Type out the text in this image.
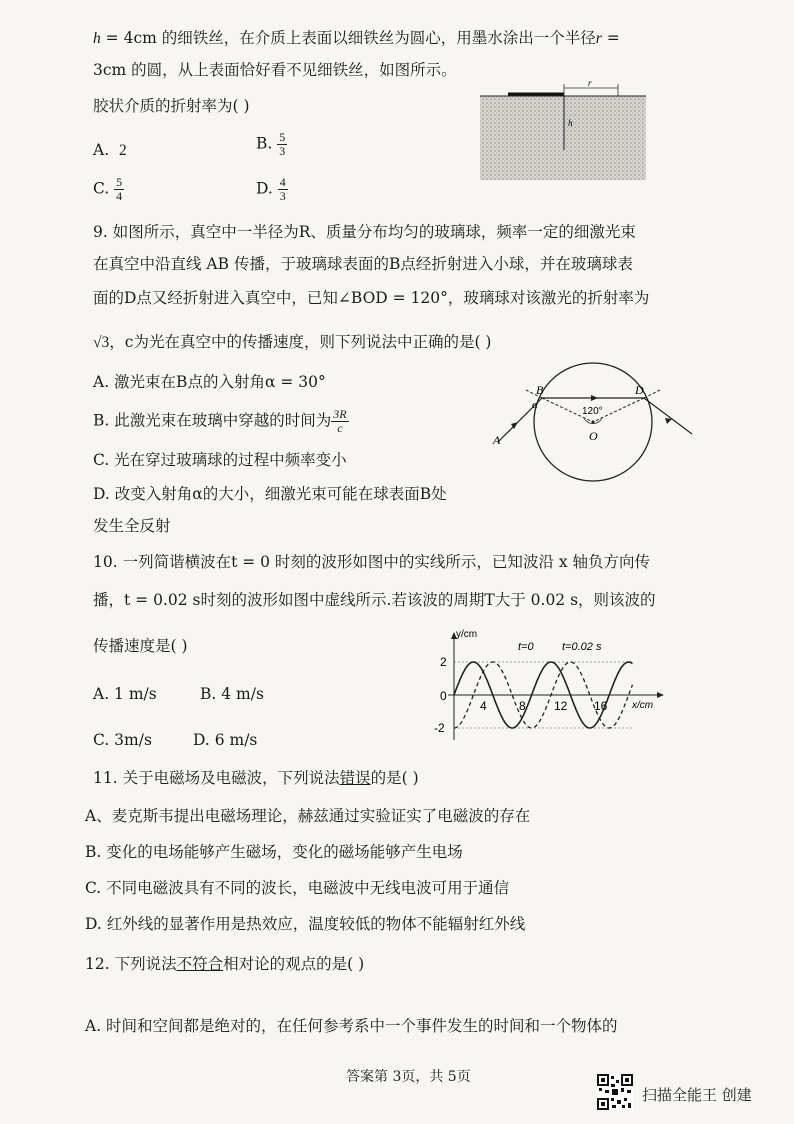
h = 4cm 的细铁丝，在介质上表面以细铁丝为圆心，用墨水涂出一个半径r =
3cm 的圆，从上表面恰好看不见细铁丝，如图所示。
胶状介质的折射率为( )
A. 2	B. $\frac{5}{3}$
C. $\frac{5}{4}$	D. $\frac{4}{3}$
r
h
9. 如图所示，真空中一半径为R、质量分布均匀的玻璃球，频率一定的细激光束
在真空中沿直线 AB 传播，于玻璃球表面的B点经折射进入小球，并在玻璃球表
面的D点又经折射进入真空中，已知∠BOD = 120°，玻璃球对该激光的折射率为
√3，c为光在真空中的传播速度，则下列说法中正确的是( )
A. 激光束在B点的入射角α = 30°
B. 此激光束在玻璃中穿越的时间为 $\frac{3R}{c}$
C. 光在穿过玻璃球的过程中频率变小
D. 改变入射角α的大小，细激光束可能在球表面B处
发生全反射
A
B	D
O
α
120°
10. 一列简谐横波在t = 0 时刻的波形如图中的实线所示，已知波沿 x 轴负方向传
播，t = 0.02 s时刻的波形如图中虚线所示.若该波的周期T大于 0.02 s，则该波的
传播速度是( )
A. 1 m/s	B. 4 m/s
C. 3m/s	D. 6 m/s
y/cm
x/cm
2
0
-2
4	8 12 16
t=0	t=0.02 s
11. 关于电磁场及电磁波，下列说法错误的是( )
A、麦克斯韦提出电磁场理论，赫兹通过实验证实了电磁波的存在
B. 变化的电场能够产生磁场，变化的磁场能够产生电场
C. 不同电磁波具有不同的波长，电磁波中无线电波可用于通信
D. 红外线的显著作用是热效应，温度较低的物体不能辐射红外线
12. 下列说法不符合相对论的观点的是( )
A. 时间和空间都是绝对的，在任何参考系中一个事件发生的时间和一个物体的
答案第 3页，共 5页
扫描全能王 创建
